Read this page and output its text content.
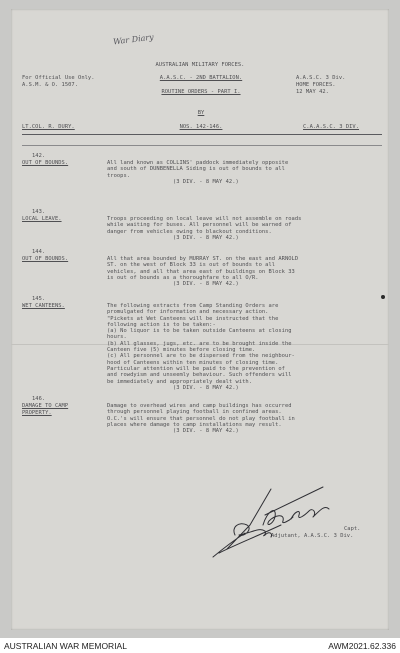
War Diary
AUSTRALIAN MILITARY FORCES.
For Official Use Only.
A.S.M. & O. 1507.
A.A.S.C. - 2ND BATTALION.
ROUTINE ORDERS - PART I.
A.A.S.C. 3 Div.
HOME FORCES.
12 MAY 42.
BY
LT.COL. R. DURY.	NOS. 142-146.	C.A.A.S.C. 3 DIV.
142.
OUT OF BOUNDS.	All land known as COLLINS' paddock immediately opposite
and south of DUNBENELLA Siding is out of bounds to all
troops.
(3 DIV. - 8 MAY 42.)
143.
LOCAL LEAVE.	Troops proceeding on local leave will not assemble on roads
while waiting for buses. All personnel will be warned of
danger from vehicles owing to blackout conditions.
(3 DIV. - 8 MAY 42.)
144.
OUT OF BOUNDS.	All that area bounded by MURRAY ST. on the east and ARNOLD
ST. on the west of Block 33 is out of bounds to all
vehicles, and all that area east of buildings on Block 33
is out of bounds as a thoroughfare to all O/R.
(3 DIV. - 8 MAY 42.)
145.
WET CANTEENS.	The following extracts from Camp Standing Orders are
promulgated for information and necessary action.
"Pickets at Wet Canteens will be instructed that the
following action is to be taken:-
(a) No liquor is to be taken outside Canteens at closing
hours.
(b) All glasses, jugs, etc. are to be brought inside the
Canteen five (5) minutes before closing time.
(c) All personnel are to be dispersed from the neighbour-
hood of Canteens within ten minutes of closing time.
Particular attention will be paid to the prevention of
and rowdyism and unseemly behaviour. Such offenders will
be immediately and appropriately dealt with.
(3 DIV. - 8 MAY 42.)
146.
DAMAGE TO CAMP
PROPERTY.
Damage to overhead wires and camp buildings has occurred
through personnel playing football in confined areas.
O.C.'s will ensure that personnel do not play football in
places where damage to camp installations may result.
(3 DIV. - 8 MAY 42.)
Capt.
Adjutant, A.A.S.C. 3 Div.
AUSTRALIAN WAR MEMORIAL	AWM2021.62.336
